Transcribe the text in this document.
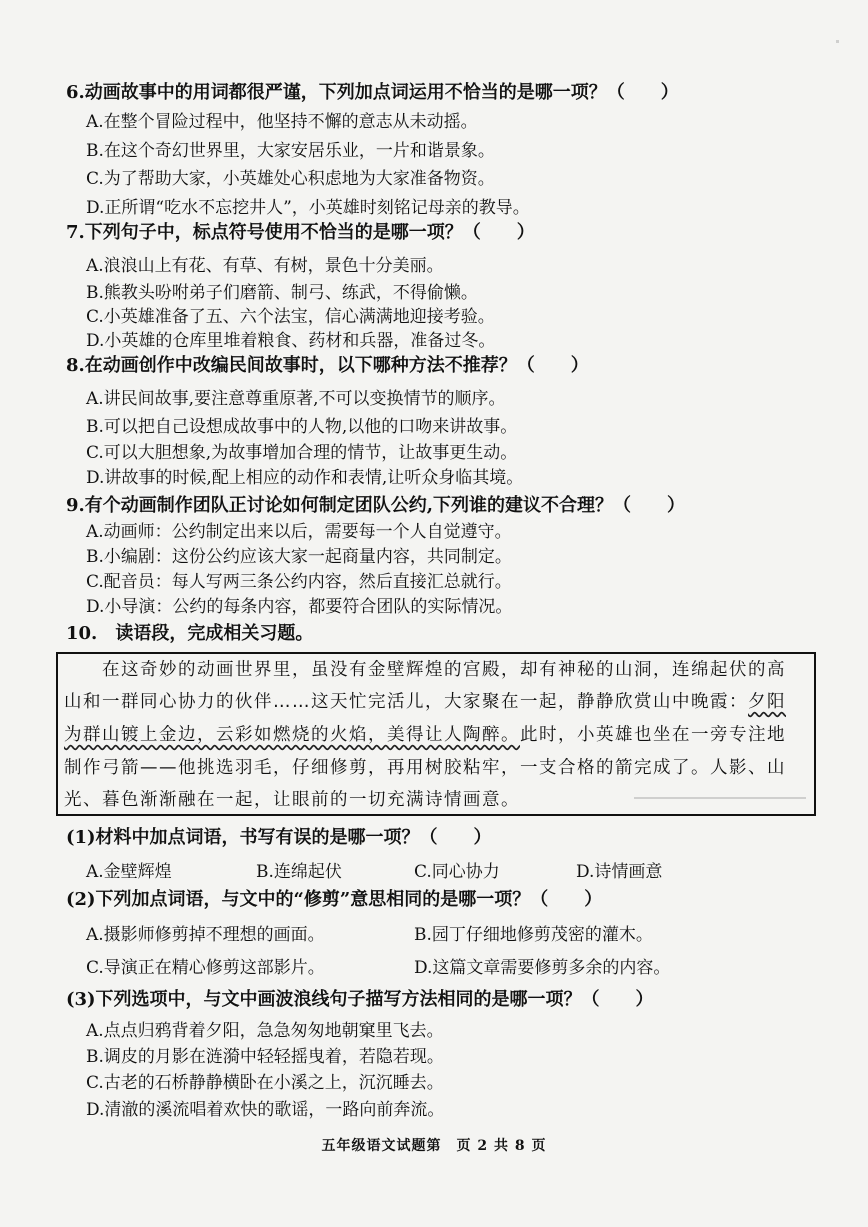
6.动画故事中的用词都很严谨，下列加点词运用不恰当的是哪一项？（　　）
A.在整个冒险过程中，他坚持不懈的意志从未动摇。
B.在这个奇幻世界里，大家安居乐业，一片和谐景象。
C.为了帮助大家，小英雄处心积虑地为大家准备物资。
D.正所谓“吃水不忘挖井人”，小英雄时刻铭记母亲的教导。
7.下列句子中，标点符号使用不恰当的是哪一项？（　　）
A.浪浪山上有花、有草、有树，景色十分美丽。
B.熊教头吩咐弟子们磨箭、制弓、练武，不得偷懒。
C.小英雄准备了五、六个法宝，信心满满地迎接考验。
D.小英雄的仓库里堆着粮食、药材和兵器，准备过冬。
8.在动画创作中改编民间故事时，以下哪种方法不推荐？（　　）
A.讲民间故事,要注意尊重原著,不可以变换情节的顺序。
B.可以把自己设想成故事中的人物,以他的口吻来讲故事。
C.可以大胆想象,为故事增加合理的情节，让故事更生动。
D.讲故事的时候,配上相应的动作和表情,让听众身临其境。
9.有个动画制作团队正讨论如何制定团队公约,下列谁的建议不合理？（　　）
A.动画师：公约制定出来以后，需要每一个人自觉遵守。
B.小编剧：这份公约应该大家一起商量内容，共同制定。
C.配音员：每人写两三条公约内容，然后直接汇总就行。
D.小导演：公约的每条内容，都要符合团队的实际情况。
10.　读语段，完成相关习题。
　　在这奇妙的动画世界里，虽没有金壁辉煌的宫殿，却有神秘的山洞，连绵起伏的高
山和一群同心协力的伙伴……这天忙完活儿，大家聚在一起，静静欣赏山中晚霞：夕阳
为群山镀上金边，云彩如燃烧的火焰，美得让人陶醉。此时，小英雄也坐在一旁专注地
制作弓箭——他挑选羽毛，仔细修剪，再用树胶粘牢，一支合格的箭完成了。人影、山
光、暮色渐渐融在一起，让眼前的一切充满诗情画意。
(1)材料中加点词语，书写有误的是哪一项？（　　）
A.金壁辉煌	B.连绵起伏	C.同心协力	D.诗情画意
(2)下列加点词语，与文中的“修剪”意思相同的是哪一项？（　　）
A.摄影师修剪掉不理想的画面。	B.园丁仔细地修剪茂密的灌木。
C.导演正在精心修剪这部影片。	D.这篇文章需要修剪多余的内容。
(3)下列选项中，与文中画波浪线句子描写方法相同的是哪一项？（　　）
A.点点归鸦背着夕阳，急急匆匆地朝窠里飞去。
B.调皮的月影在涟漪中轻轻摇曳着，若隐若现。
C.古老的石桥静静横卧在小溪之上，沉沉睡去。
D.清澈的溪流唱着欢快的歌谣，一路向前奔流。
五年级语文试题第　页 2 共 8 页
